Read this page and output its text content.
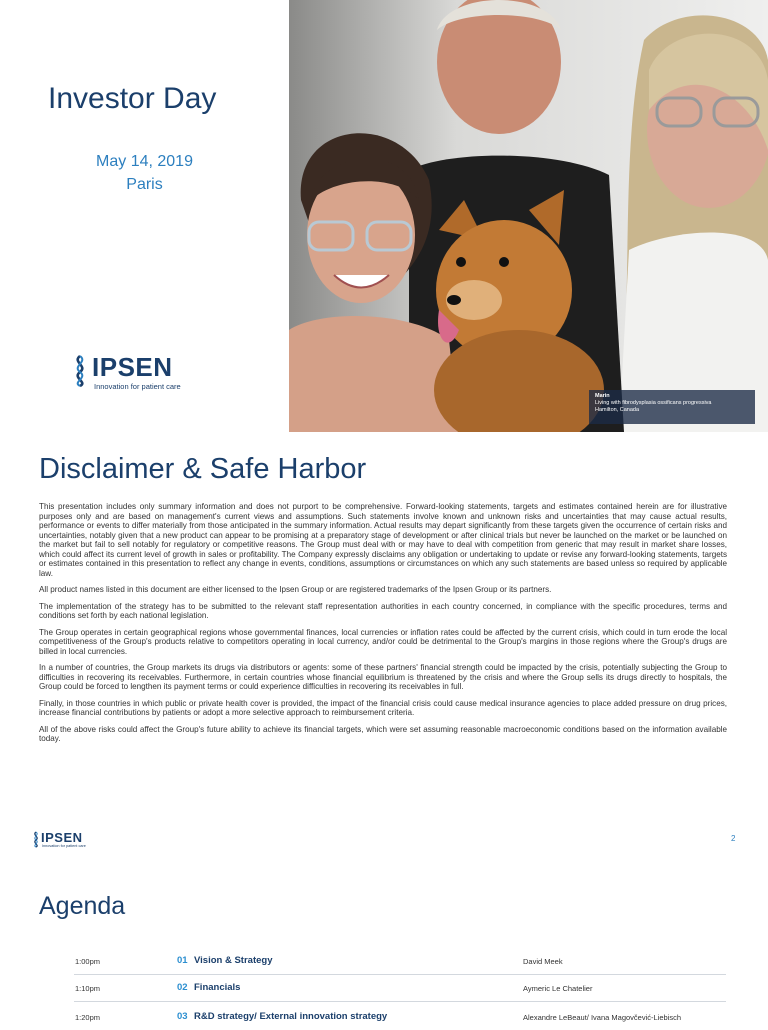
Investor Day
May 14, 2019
Paris
IPSEN
Innovation for patient care
Marin
Living with fibrodysplasia ossificans progressiva
Hamilton, Canada
Disclaimer & Safe Harbor

This presentation includes only summary information and does not purport to be comprehensive. Forward-looking statements, targets and estimates contained herein are for illustrative purposes only and are based on management's current views and assumptions. Such statements involve known and unknown risks and uncertainties that may cause actual results, performance or events to differ materially from those anticipated in the summary information. Actual results may depart significantly from these targets given the occurrence of certain risks and uncertainties, notably given that a new product can appear to be promising at a preparatory stage of development or after clinical trials but never be launched on the market or be launched on the market but fail to sell notably for regulatory or competitive reasons. The Group must deal with or may have to deal with competition from generic that may result in market share losses, which could affect its current level of growth in sales or profitability. The Company expressly disclaims any obligation or undertaking to update or revise any forward-looking statements, targets or estimates contained in this presentation to reflect any change in events, conditions, assumptions or circumstances on which any such statements are based unless so required by applicable law.

All product names listed in this document are either licensed to the Ipsen Group or are registered trademarks of the Ipsen Group or its partners.

The implementation of the strategy has to be submitted to the relevant staff representation authorities in each country concerned, in compliance with the specific procedures, terms and conditions set forth by each national legislation.

The Group operates in certain geographical regions whose governmental finances, local currencies or inflation rates could be affected by the current crisis, which could in turn erode the local competitiveness of the Group's products relative to competitors operating in local currency, and/or could be detrimental to the Group's margins in those regions where the Group's drugs are billed in local currencies.

In a number of countries, the Group markets its drugs via distributors or agents: some of these partners' financial strength could be impacted by the crisis, potentially subjecting the Group to difficulties in recovering its receivables. Furthermore, in certain countries whose financial equilibrium is threatened by the crisis and where the Group sells its drugs directly to hospitals, the Group could be forced to lengthen its payment terms or could experience difficulties in recovering its receivables in full.

Finally, in those countries in which public or private health cover is provided, the impact of the financial crisis could cause medical insurance agencies to place added pressure on drug prices, increase financial contributions by patients or adopt a more selective approach to reimbursement criteria.

All of the above risks could affect the Group's future ability to achieve its financial targets, which were set assuming reasonable macroeconomic conditions based on the information available today.

IPSEN
Innovation for patient care
2
Agenda
1:00pm	01 Vision & Strategy	David Meek
1:10pm	02 Financials	Aymeric Le Chatelier
1:20pm	03 R&D strategy/ External innovation strategy	Alexandre LeBeaut/ Ivana Magovčević-Liebisch
